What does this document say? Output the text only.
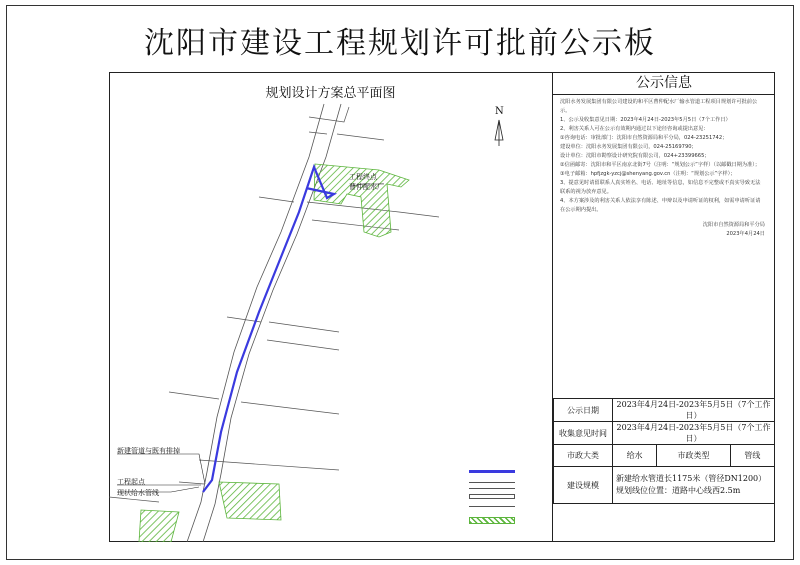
沈阳市建设工程规划许可批前公示板
规划设计方案总平面图
N
工程终点
曹仲配水厂
新建管道与既有排掉
工程起点
现状给水管线
公示信息

沈阳水务发展集团有限公司建设的和平区曹仲配水厂输水管道工程项目规划许可批前公示。

1、公示及收集意见日期：2023年4月24日-2023年5月5日（7个工作日）

2、利害关系人可在公示有效期内通过以下途径咨询或提出意见：

①咨询电话：审批部门：沈阳市自然资源局和平分局，024-23251742；

建设单位：沈阳水务发展集团有限公司，024-25169790；

设计单位：沈阳市勘察设计研究院有限公司，024+23399665；

②信函邮寄：沈阳市和平区南京北街7号（注明：“规划公示”字样）（以邮戳日期为准）；

③电子邮箱：hpfjzgk-yzcj@shenyang.gov.cn（注明：“规划公示”字样）；

3、提意见时请留联系人真实姓名、电话、地址等信息，如信息不完整或不真实导致无法联系的视为放弃意见。

4、本方案涉及的利害关系人依法享有陈述、申辩以及申请听证的权利，如需申请听证请在公示期内提出。

沈阳市自然资源局和平分局

2023年4月24日

公示日期	2023年4月24日-2023年5月5日（7个工作日）		
收集意见时间	2023年4月24日-2023年5月5日（7个工作日）		
市政大类	给水	市政类型	管线
建设规模	新建给水管道长1175米（管径DN1200）
规划线位位置：道路中心线西2.5m		
